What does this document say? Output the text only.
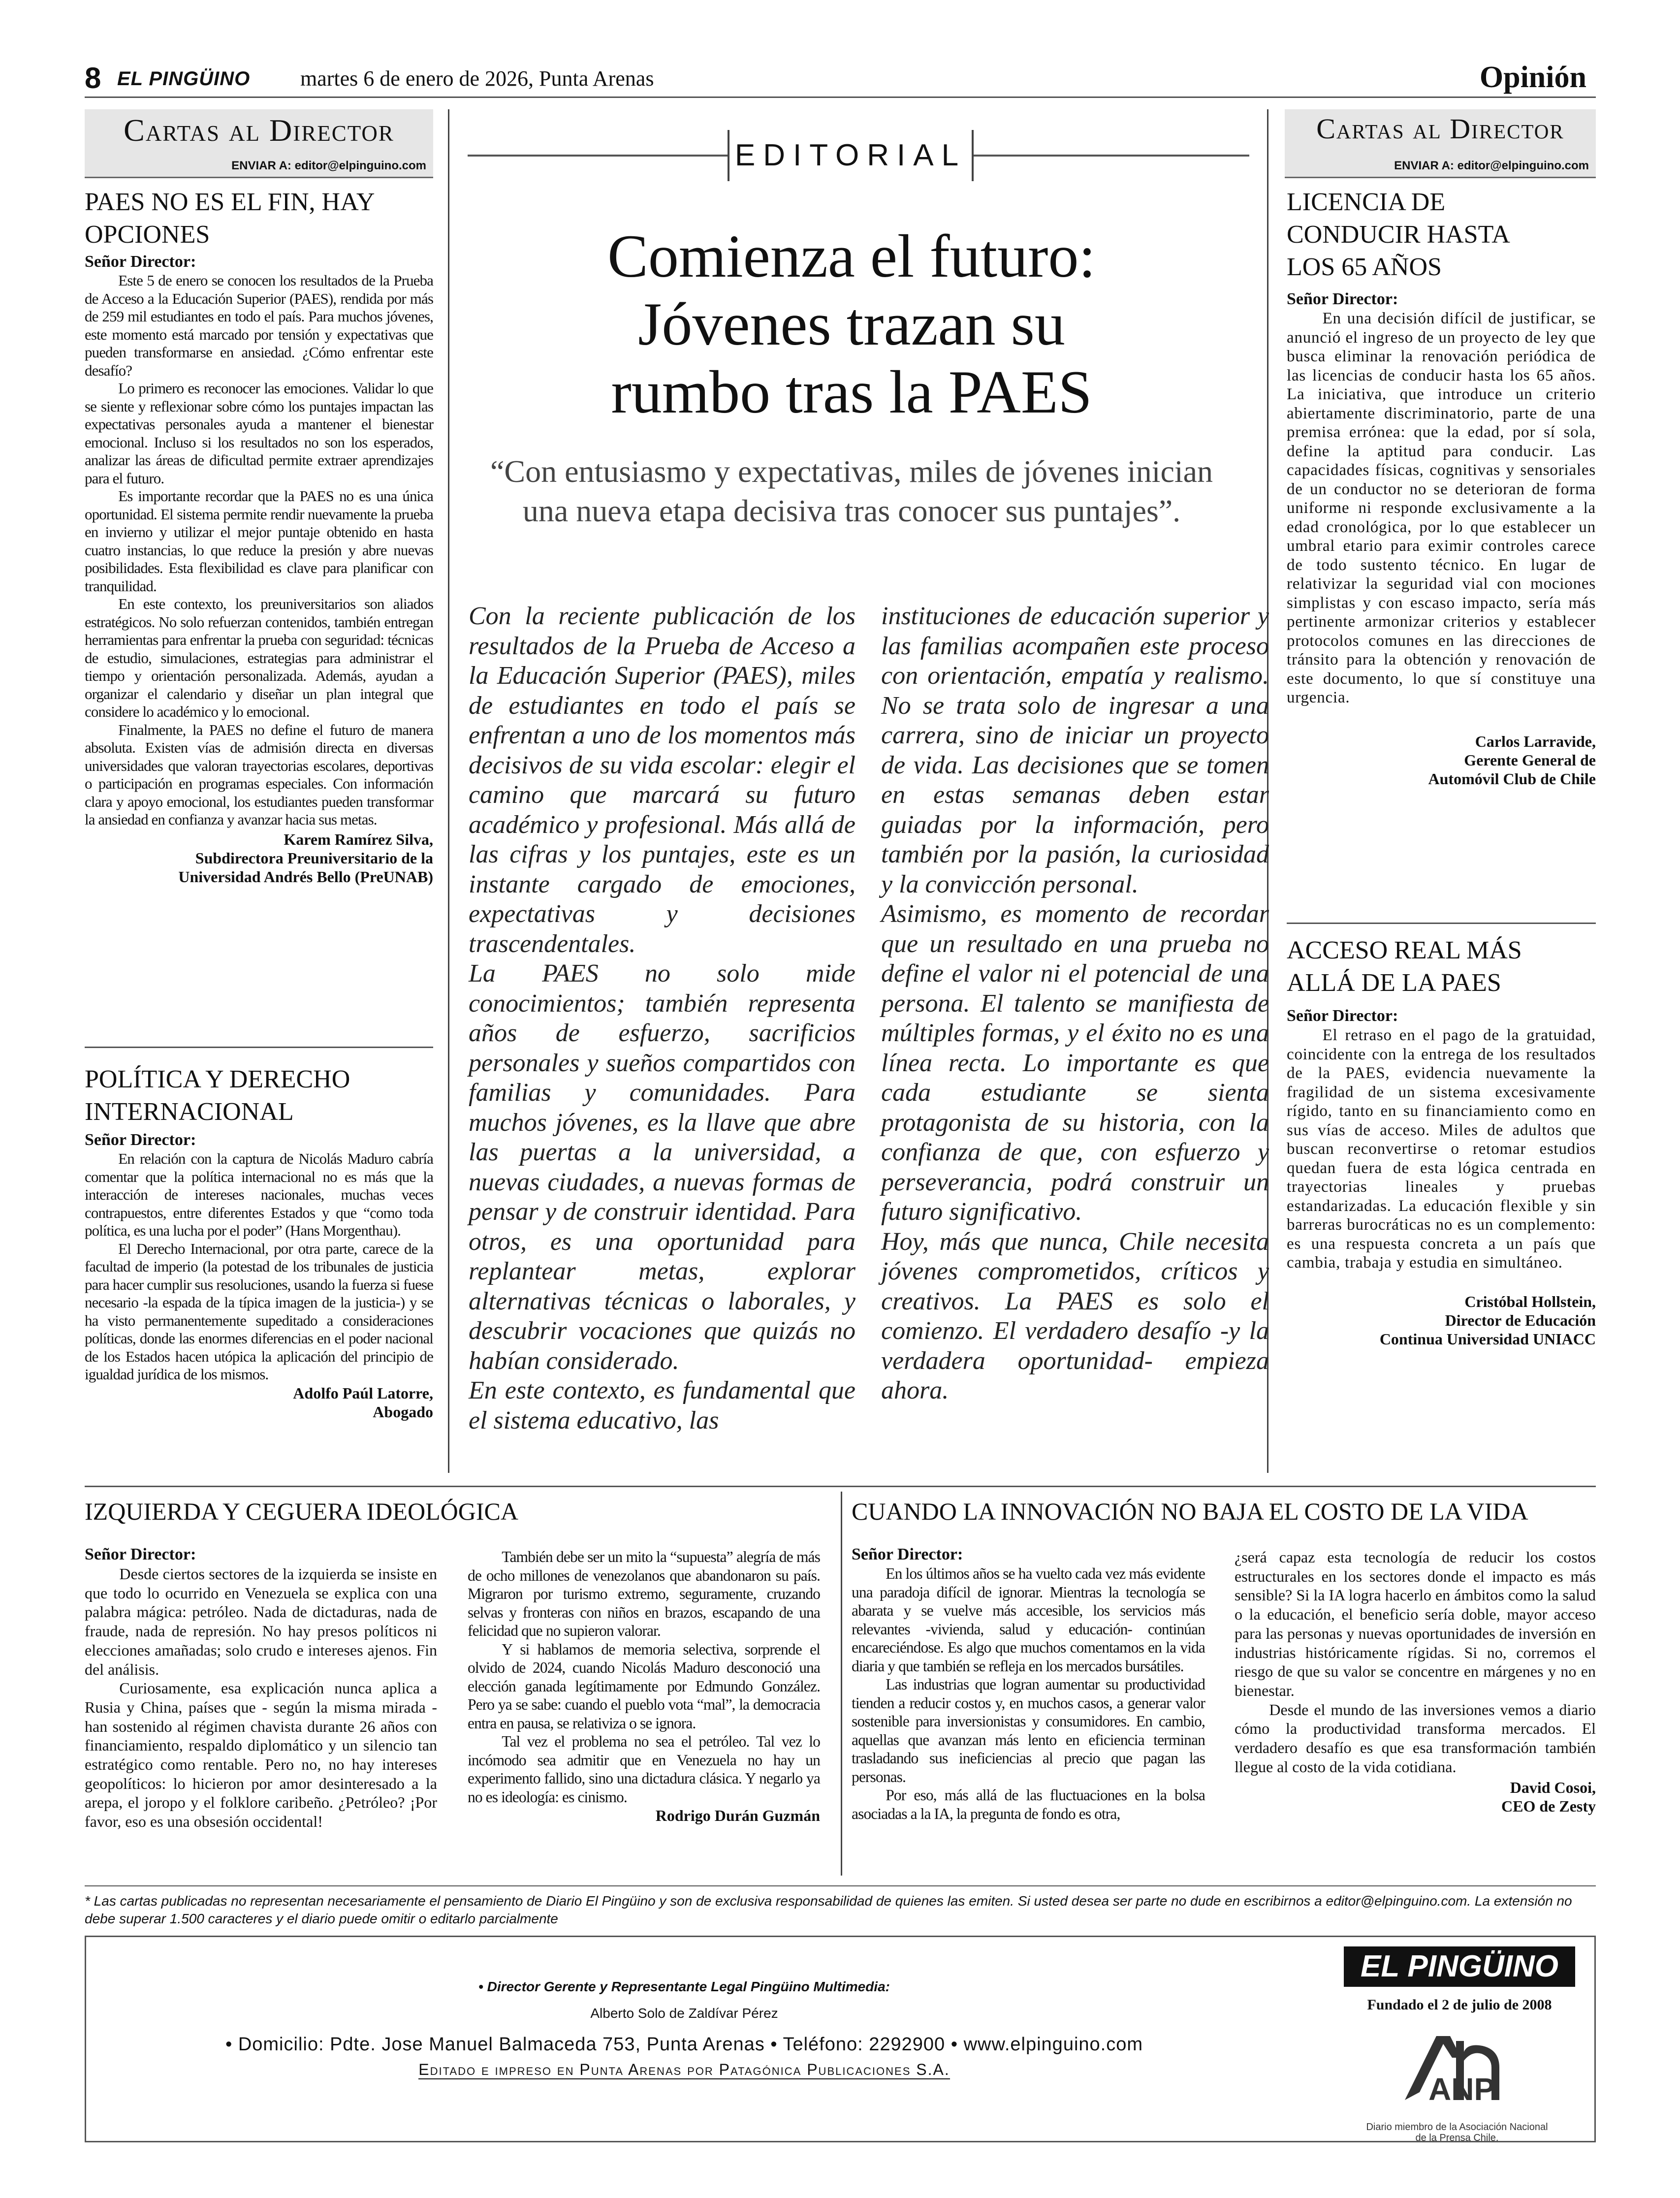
8 EL PINGÜINO martes 6 de enero de 2026, Punta Arenas	Opinión
Cartas al Director
ENVIAR A: editor@elpinguino.com
PAES NO ES EL FIN, HAY OPCIONES
Señor Director:

Este 5 de enero se conocen los resultados de la Prueba de Acceso a la Educación Superior (PAES), rendida por más de 259 mil estudiantes en todo el país. Para muchos jóvenes, este momento está marcado por tensión y expectativas que pueden transformarse en ansiedad. ¿Cómo enfrentar este desafío?

Lo primero es reconocer las emociones. Validar lo que se siente y reflexionar sobre cómo los puntajes impactan las expectativas personales ayuda a mantener el bienestar emocional. Incluso si los resultados no son los esperados, analizar las áreas de dificultad permite extraer aprendizajes para el futuro.

Es importante recordar que la PAES no es una única oportunidad. El sistema permite rendir nuevamente la prueba en invierno y utilizar el mejor puntaje obtenido en hasta cuatro instancias, lo que reduce la presión y abre nuevas posibilidades. Esta flexibilidad es clave para planificar con tranquilidad.

En este contexto, los preuniversitarios son aliados estratégicos. No solo refuerzan contenidos, también entregan herramientas para enfrentar la prueba con seguridad: técnicas de estudio, simulaciones, estrategias para administrar el tiempo y orientación personalizada. Además, ayudan a organizar el calendario y diseñar un plan integral que considere lo académico y lo emocional.

Finalmente, la PAES no define el futuro de manera absoluta. Existen vías de admisión directa en diversas universidades que valoran trayectorias escolares, deportivas o participación en programas especiales. Con información clara y apoyo emocional, los estudiantes pueden transformar la ansiedad en confianza y avanzar hacia sus metas.

Karem Ramírez Silva,
Subdirectora Preuniversitario de la
Universidad Andrés Bello (PreUNAB)
POLÍTICA Y DERECHO INTERNACIONAL
Señor Director:

En relación con la captura de Nicolás Maduro cabría comentar que la política internacional no es más que la interacción de intereses nacionales, muchas veces contrapuestos, entre diferentes Estados y que “como toda política, es una lucha por el poder” (Hans Morgenthau).

El Derecho Internacional, por otra parte, carece de la facultad de imperio (la potestad de los tribunales de justicia para hacer cumplir sus resoluciones, usando la fuerza si fuese necesario -la espada de la típica imagen de la justicia-) y se ha visto permanentemente supeditado a consideraciones políticas, donde las enormes diferencias en el poder nacional de los Estados hacen utópica la aplicación del principio de igualdad jurídica de los mismos.

Adolfo Paúl Latorre,
Abogado
EDITORIAL
Comienza el futuro:
Jóvenes trazan su
rumbo tras la PAES
“Con entusiasmo y expectativas, miles de jóvenes inician una nueva etapa decisiva tras conocer sus puntajes”.

Con la reciente publicación de los resultados de la Prueba de Acceso a la Educación Superior (PAES), miles de estudiantes en todo el país se enfrentan a uno de los momentos más decisivos de su vida escolar: elegir el camino que marcará su futuro académico y profesional. Más allá de las cifras y los puntajes, este es un instante cargado de emociones, expectativas y decisiones trascendentales.

La PAES no solo mide conocimientos; también representa años de esfuerzo, sacrificios personales y sueños compartidos con familias y comunidades. Para muchos jóvenes, es la llave que abre las puertas a la universidad, a nuevas ciudades, a nuevas formas de pensar y de construir identidad. Para otros, es una oportunidad para replantear metas, explorar alternativas técnicas o laborales, y descubrir vocaciones que quizás no habían considerado.

En este contexto, es fundamental que el sistema educativo, las

instituciones de educación superior y las familias acompañen este proceso con orientación, empatía y realismo. No se trata solo de ingresar a una carrera, sino de iniciar un proyecto de vida. Las decisiones que se tomen en estas semanas deben estar guiadas por la información, pero también por la pasión, la curiosidad y la convicción personal.

Asimismo, es momento de recordar que un resultado en una prueba no define el valor ni el potencial de una persona. El talento se manifiesta de múltiples formas, y el éxito no es una línea recta. Lo importante es que cada estudiante se sienta protagonista de su historia, con la confianza de que, con esfuerzo y perseverancia, podrá construir un futuro significativo.

Hoy, más que nunca, Chile necesita jóvenes comprometidos, críticos y creativos. La PAES es solo el comienzo. El verdadero desafío -y la verdadera oportunidad- empieza ahora.

Cartas al Director
ENVIAR A: editor@elpinguino.com
LICENCIA DE CONDUCIR HASTA LOS 65 AÑOS
Señor Director:

En una decisión difícil de justificar, se anunció el ingreso de un proyecto de ley que busca eliminar la renovación periódica de las licencias de conducir hasta los 65 años. La iniciativa, que introduce un criterio abiertamente discriminatorio, parte de una premisa errónea: que la edad, por sí sola, define la aptitud para conducir. Las capacidades físicas, cognitivas y sensoriales de un conductor no se deterioran de forma uniforme ni responde exclusivamente a la edad cronológica, por lo que establecer un umbral etario para eximir controles carece de todo sustento técnico. En lugar de relativizar la seguridad vial con mociones simplistas y con escaso impacto, sería más pertinente armonizar criterios y establecer protocolos comunes en las direcciones de tránsito para la obtención y renovación de este documento, lo que sí constituye una urgencia.

Carlos Larravide,
Gerente General de
Automóvil Club de Chile
ACCESO REAL MÁS ALLÁ DE LA PAES
Señor Director:

El retraso en el pago de la gratuidad, coincidente con la entrega de los resultados de la PAES, evidencia nuevamente la fragilidad de un sistema excesivamente rígido, tanto en su financiamiento como en sus vías de acceso. Miles de adultos que buscan reconvertirse o retomar estudios quedan fuera de esta lógica centrada en trayectorias lineales y pruebas estandarizadas. La educación flexible y sin barreras burocráticas no es un complemento: es una respuesta concreta a un país que cambia, trabaja y estudia en simultáneo.

Cristóbal Hollstein,
Director de Educación
Continua Universidad UNIACC
IZQUIERDA Y CEGUERA IDEOLÓGICA
Señor Director:

Desde ciertos sectores de la izquierda se insiste en que todo lo ocurrido en Venezuela se explica con una palabra mágica: petróleo. Nada de dictaduras, nada de fraude, nada de represión. No hay presos políticos ni elecciones amañadas; solo crudo e intereses ajenos. Fin del análisis.

Curiosamente, esa explicación nunca aplica a Rusia y China, países que - según la misma mirada - han sostenido al régimen chavista durante 26 años con financiamiento, respaldo diplomático y un silencio tan estratégico como rentable. Pero no, no hay intereses geopolíticos: lo hicieron por amor desinteresado a la arepa, el joropo y el folklore caribeño. ¿Petróleo? ¡Por favor, eso es una obsesión occidental!

También debe ser un mito la “supuesta” alegría de más de ocho millones de venezolanos que abandonaron su país. Migraron por turismo extremo, seguramente, cruzando selvas y fronteras con niños en brazos, escapando de una felicidad que no supieron valorar.

Y si hablamos de memoria selectiva, sorprende el olvido de 2024, cuando Nicolás Maduro desconoció una elección ganada legítimamente por Edmundo González. Pero ya se sabe: cuando el pueblo vota “mal”, la democracia entra en pausa, se relativiza o se ignora.

Tal vez el problema no sea el petróleo. Tal vez lo incómodo sea admitir que en Venezuela no hay un experimento fallido, sino una dictadura clásica. Y negarlo ya no es ideología: es cinismo.

Rodrigo Durán Guzmán
CUANDO LA INNOVACIÓN NO BAJA EL COSTO DE LA VIDA
Señor Director:

En los últimos años se ha vuelto cada vez más evidente una paradoja difícil de ignorar. Mientras la tecnología se abarata y se vuelve más accesible, los servicios más relevantes -vivienda, salud y educación- continúan encareciéndose. Es algo que muchos comentamos en la vida diaria y que también se refleja en los mercados bursátiles.

Las industrias que logran aumentar su productividad tienden a reducir costos y, en muchos casos, a generar valor sostenible para inversionistas y consumidores. En cambio, aquellas que avanzan más lento en eficiencia terminan trasladando sus ineficiencias al precio que pagan las personas.

Por eso, más allá de las fluctuaciones en la bolsa asociadas a la IA, la pregunta de fondo es otra,

¿será capaz esta tecnología de reducir los costos estructurales en los sectores donde el impacto es más sensible? Si la IA logra hacerlo en ámbitos como la salud o la educación, el beneficio sería doble, mayor acceso para las personas y nuevas oportunidades de inversión en industrias históricamente rígidas. Si no, corremos el riesgo de que su valor se concentre en márgenes y no en bienestar.

Desde el mundo de las inversiones vemos a diario cómo la productividad transforma mercados. El verdadero desafío es que esa transformación también llegue al costo de la vida cotidiana.

David Cosoi,
CEO de Zesty
* Las cartas publicadas no representan necesariamente el pensamiento de Diario El Pingüino y son de exclusiva responsabilidad de quienes las emiten. Si usted desea ser parte no dude en escribirnos a editor@elpinguino.com. La extensión no debe superar 1.500 caracteres y el diario puede omitir o editarlo parcialmente
• Director Gerente y Representante Legal Pingüino Multimedia:
Alberto Solo de Zaldívar Pérez
• Domicilio: Pdte. Jose Manuel Balmaceda 753, Punta Arenas • Teléfono: 2292900 • www.elpinguino.com
Editado e impreso en Punta Arenas por Patagónica Publicaciones S.A.
EL PINGÜINO
Fundado el 2 de julio de 2008
ANP
Diario miembro de la Asociación Nacional de la Prensa Chile.
